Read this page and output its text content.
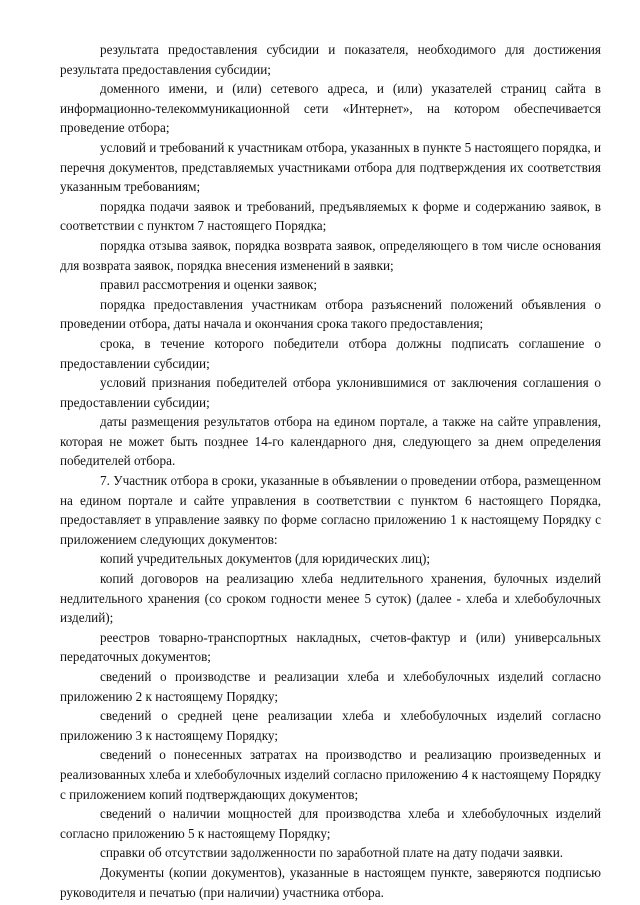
результата предоставления субсидии и показателя, необходимого для достижения результата предоставления субсидии;

доменного имени, и (или) сетевого адреса, и (или) указателей страниц сайта в информационно-телекоммуникационной сети «Интернет», на котором обеспечивается проведение отбора;

условий и требований к участникам отбора, указанных в пункте 5 настоящего порядка, и перечня документов, представляемых участниками отбора для подтверждения их соответствия указанным требованиям;

порядка подачи заявок и требований, предъявляемых к форме и содержанию заявок, в соответствии с пунктом 7 настоящего Порядка;

порядка отзыва заявок, порядка возврата заявок, определяющего в том числе основания для возврата заявок, порядка внесения изменений в заявки;

правил рассмотрения и оценки заявок;

порядка предоставления участникам отбора разъяснений положений объявления о проведении отбора, даты начала и окончания срока такого предоставления;

срока, в течение которого победители отбора должны подписать соглашение о предоставлении субсидии;

условий признания победителей отбора уклонившимися от заключения соглашения о предоставлении субсидии;

даты размещения результатов отбора на едином портале, а также на сайте управления, которая не может быть позднее 14-го календарного дня, следующего за днем определения победителей отбора.

7. Участник отбора в сроки, указанные в объявлении о проведении отбора, размещенном на едином портале и сайте управления в соответствии с пунктом 6 настоящего Порядка, предоставляет в управление заявку по форме согласно приложению 1 к настоящему Порядку с приложением следующих документов:

копий учредительных документов (для юридических лиц);

копий договоров на реализацию хлеба недлительного хранения, булочных изделий недлительного хранения (со сроком годности менее 5 суток) (далее - хлеба и хлебобулочных изделий);

реестров товарно-транспортных накладных, счетов-фактур и (или) универсальных передаточных документов;

сведений о производстве и реализации хлеба и хлебобулочных изделий согласно приложению 2 к настоящему Порядку;

сведений о средней цене реализации хлеба и хлебобулочных изделий согласно приложению 3 к настоящему Порядку;

сведений о понесенных затратах на производство и реализацию произведенных и реализованных хлеба и хлебобулочных изделий согласно приложению 4 к настоящему Порядку с приложением копий подтверждающих документов;

сведений о наличии мощностей для производства хлеба и хлебобулочных изделий согласно приложению 5 к настоящему Порядку;

справки об отсутствии задолженности по заработной плате на дату подачи заявки.

Документы (копии документов), указанные в настоящем пункте, заверяются подписью руководителя и печатью (при наличии) участника отбора.
